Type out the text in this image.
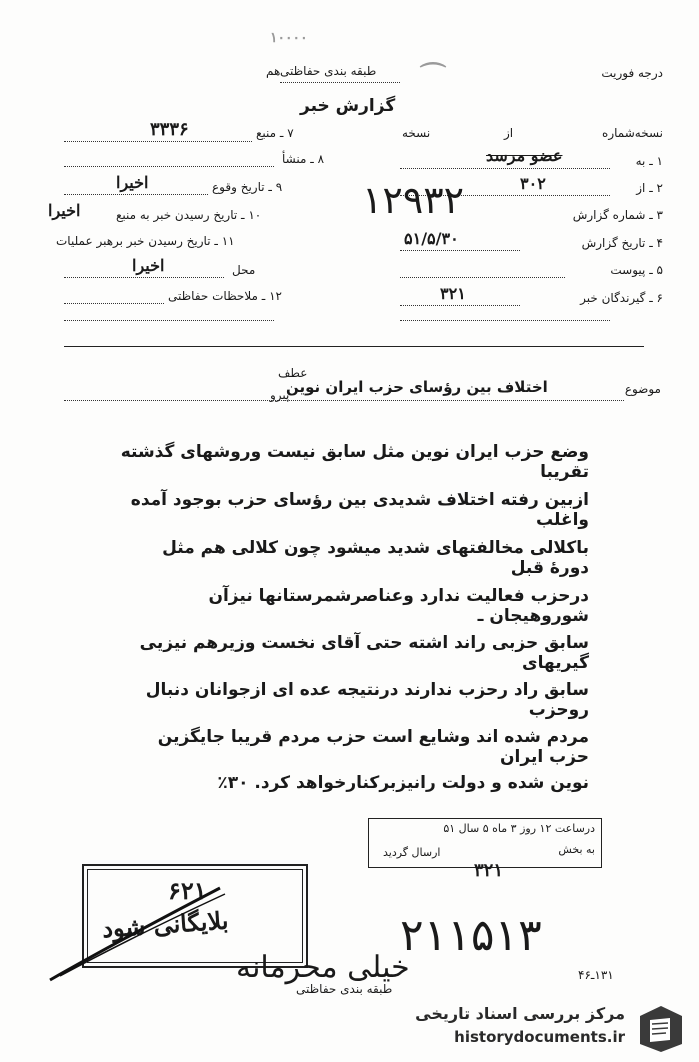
۱۰۰۰۰
درجه فوریت
طبقه بندی حفاظتی
هم	⌒
گزارش خبر
نسخه‌شماره
از
نسخه
۱ ـ به
عضو مرسد
۲ ـ از
۳۰۲
۳ ـ شماره گزارش
۱۲۹۳۲
۴ ـ تاریخ گزارش
۵۱/۵/۳۰
۵ ـ پیوست
۶ ـ گیرندگان خبر
۳۲۱
۷ ـ منبع
۳۳۳۶
۸ ـ منشأ
۹ ـ تاریخ وقوع
اخیرا
۱۰ ـ تاریخ رسیدن خبر به منبع
اخیرا
۱۱ ـ تاریخ رسیدن خبر برهبر عملیات
محل
اخیرا
۱۲ ـ ملاحظات حفاظتی
عطف
موضوع
اختلاف بین رؤسای حزب ایران نوین
پیرو
وضع حزب ایران نوین مثل سابق نیست وروشهای گذشته تقریبا
ازبین رفته اختلاف شدیدی بین رؤسای حزب بوجود آمده واغلب
باکلالی مخالفتهای شدید میشود چون کلالی هم مثل دورهٔ قبل
درحزب فعالیت ندارد وعناصرشمرستانها نیزآن شوروهیجان ـ
سابق حزبی راند اشته حتی آقای نخست وزیرهم نیزیی گیریهای
سابق راد رحزب ندارند درنتیجه عده ای ازجوانان دنبال روحزب
مردم شده اند وشایع است حزب مردم قریبا جایگزین حزب ایران
نوین شده و دولت رانیزبرکنارخواهد کرد. ۳۰٪
درساعت ۱۲ روز ۳ ماه ۵ سال ۵۱
به بخش
ارسال گردید
۳۲۱
۶۲۱
بلایگانی شود	۲۱۱۵۱۳
۱۳۱ـ۴۶
خیلی محرمانه
طبقه بندی حفاظتی
مرکز بررسی اسناد تاریخی
historydocuments.ir
